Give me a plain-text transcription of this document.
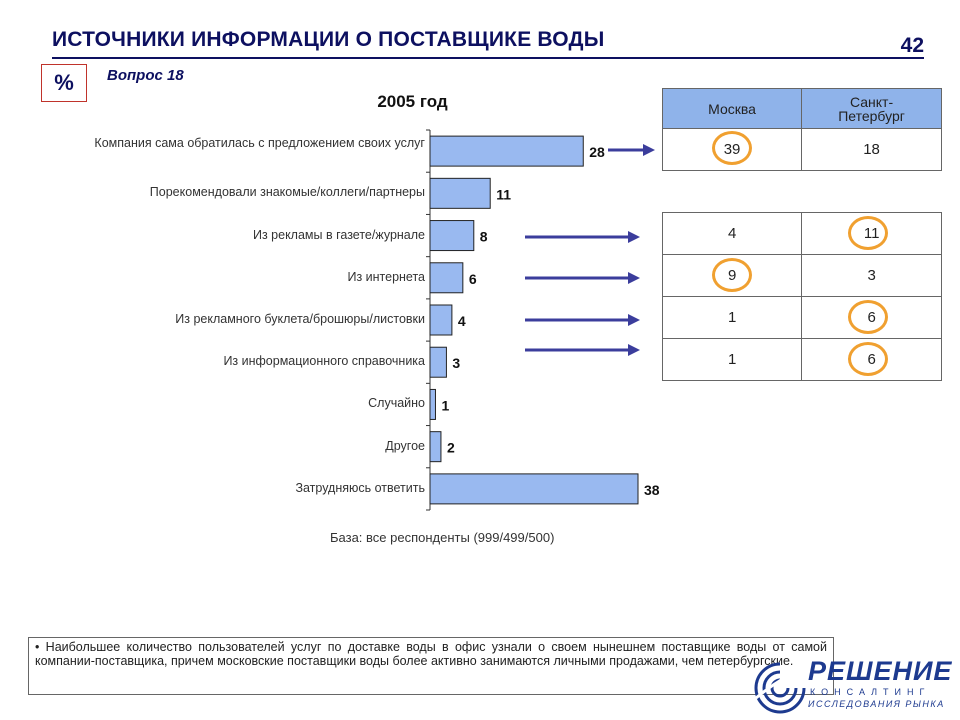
ИСТОЧНИКИ ИНФОРМАЦИИ О ПОСТАВЩИКЕ ВОДЫ	42
% Вопрос 18
2005 год
28
11
8
6
4
3
1
2
38
Компания сама обратилась с предложением своих услуг
Порекомендовали знакомые/коллеги/партнеры
Из рекламы в газете/журнале
Из интернета
Из рекламного буклета/брошюры/листовки
Из информационного справочника
Случайно
Другое
Затрудняюсь ответить
База: все респонденты (999/499/500)
Москва	Санкт-
Петербург
39	18
4	11
9	3
1	6
1	6
• Наибольшее количество пользователей услуг по доставке воды в офис узнали о своем нынешнем поставщике воды от самой компании-поставщика, причем московские поставщики воды более активно занимаются личными продажами, чем петербургские. РЕШЕНИЕ
КОНСАЛТИНГ
ИССЛЕДОВАНИЯ РЫНКА
